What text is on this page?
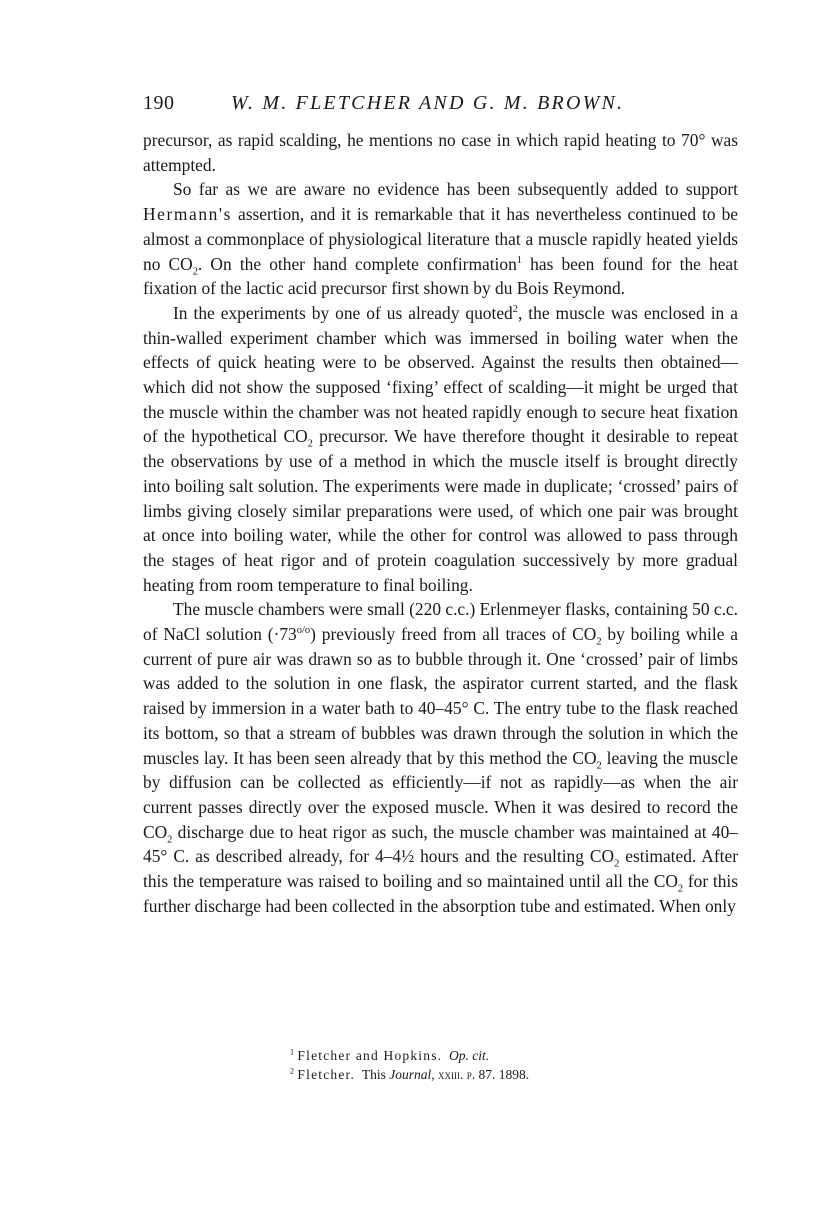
190	W. M. FLETCHER AND G. M. BROWN.

precursor, as rapid scalding, he mentions no case in which rapid heating to 70° was attempted.

So far as we are aware no evidence has been subsequently added to support Hermann's assertion, and it is remarkable that it has nevertheless continued to be almost a commonplace of physiological literature that a muscle rapidly heated yields no $CO_2$. On the other hand complete confirmation$^1$ has been found for the heat fixation of the lactic acid precursor first shown by du Bois Reymond.

In the experiments by one of us already quoted$^2$, the muscle was enclosed in a thin-walled experiment chamber which was immersed in boiling water when the effects of quick heating were to be observed. Against the results then obtained—which did not show the supposed ‘fixing’ effect of scalding—it might be urged that the muscle within the chamber was not heated rapidly enough to secure heat fixation of the hypothetical $CO_2$ precursor. We have therefore thought it desirable to repeat the observations by use of a method in which the muscle itself is brought directly into boiling salt solution. The experiments were made in duplicate; ‘crossed’ pairs of limbs giving closely similar preparations were used, of which one pair was brought at once into boiling water, while the other for control was allowed to pass through the stages of heat rigor and of protein coagulation successively by more gradual heating from room temperature to final boiling.

The muscle chambers were small (220 c.c.) Erlenmeyer flasks, containing 50 c.c. of NaCl solution $(\cdot 73^{o/o})$ previously freed from all traces of $CO_2$ by boiling while a current of pure air was drawn so as to bubble through it. One ‘crossed’ pair of limbs was added to the solution in one flask, the aspirator current started, and the flask raised by immersion in a water bath to 40–45° C. The entry tube to the flask reached its bottom, so that a stream of bubbles was drawn through the solution in which the muscles lay. It has been seen already that by this method the $CO_2$ leaving the muscle by diffusion can be collected as efficiently—if not as rapidly—as when the air current passes directly over the exposed muscle. When it was desired to record the $CO_2$ discharge due to heat rigor as such, the muscle chamber was maintained at 40–45° C. as described already, for 4–4½ hours and the resulting $CO_2$ estimated. After this the temperature was raised to boiling and so maintained until all the $CO_2$ for this further discharge had been collected in the absorption tube and estimated. When only

$^1$ Fletcher and Hopkins. Op. cit.
$^2$ Fletcher. This Journal, xxiii. p. 87. 1898.
